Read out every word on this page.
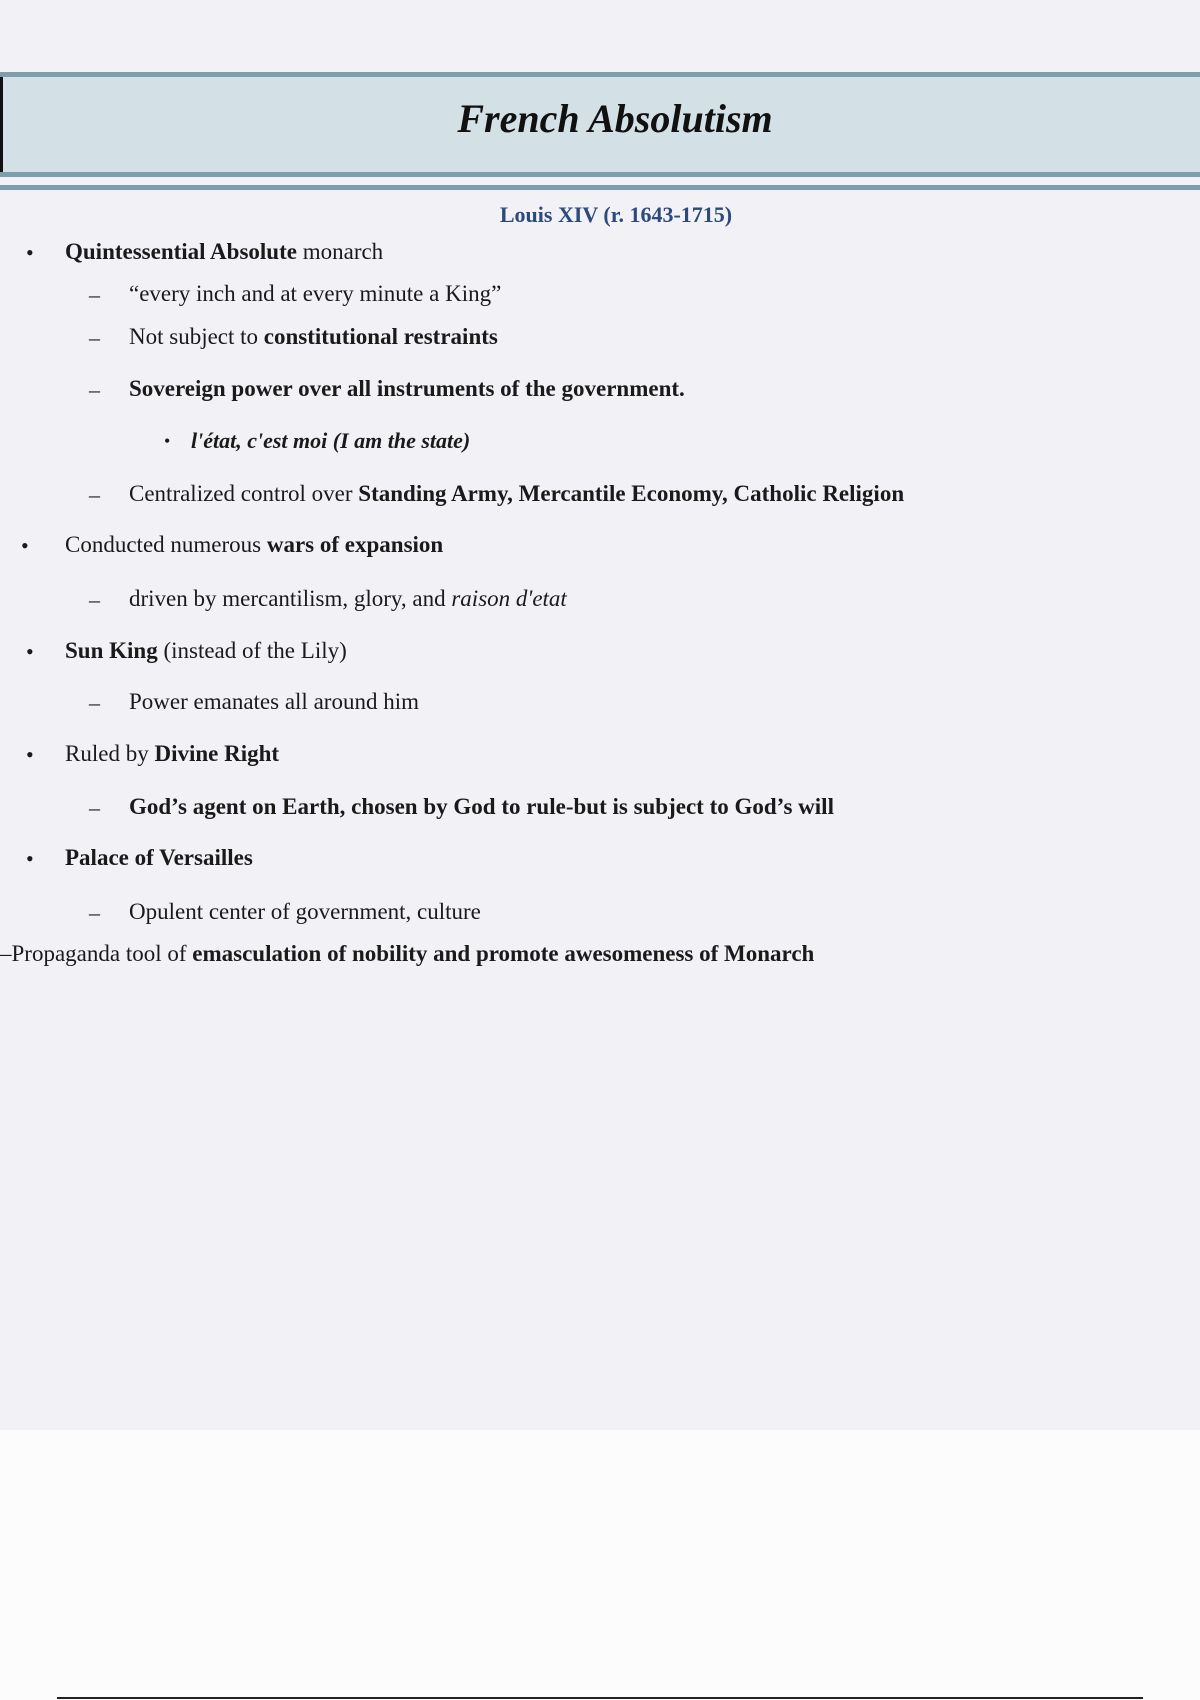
French Absolutism
Louis XIV (r. 1643-1715)
• Quintessential Absolute monarch
– “every inch and at every minute a King”
– Not subject to constitutional restraints
– Sovereign power over all instruments of the government.
• l'état, c'est moi (I am the state)
– Centralized control over Standing Army, Mercantile Economy, Catholic Religion
• Conducted numerous wars of expansion
– driven by mercantilism, glory, and raison d'etat
• Sun King (instead of the Lily)
– Power emanates all around him
• Ruled by Divine Right
– God’s agent on Earth, chosen by God to rule-but is subject to God’s will
• Palace of Versailles
– Opulent center of government, culture
–Propaganda tool of emasculation of nobility and promote awesomeness of Monarch
